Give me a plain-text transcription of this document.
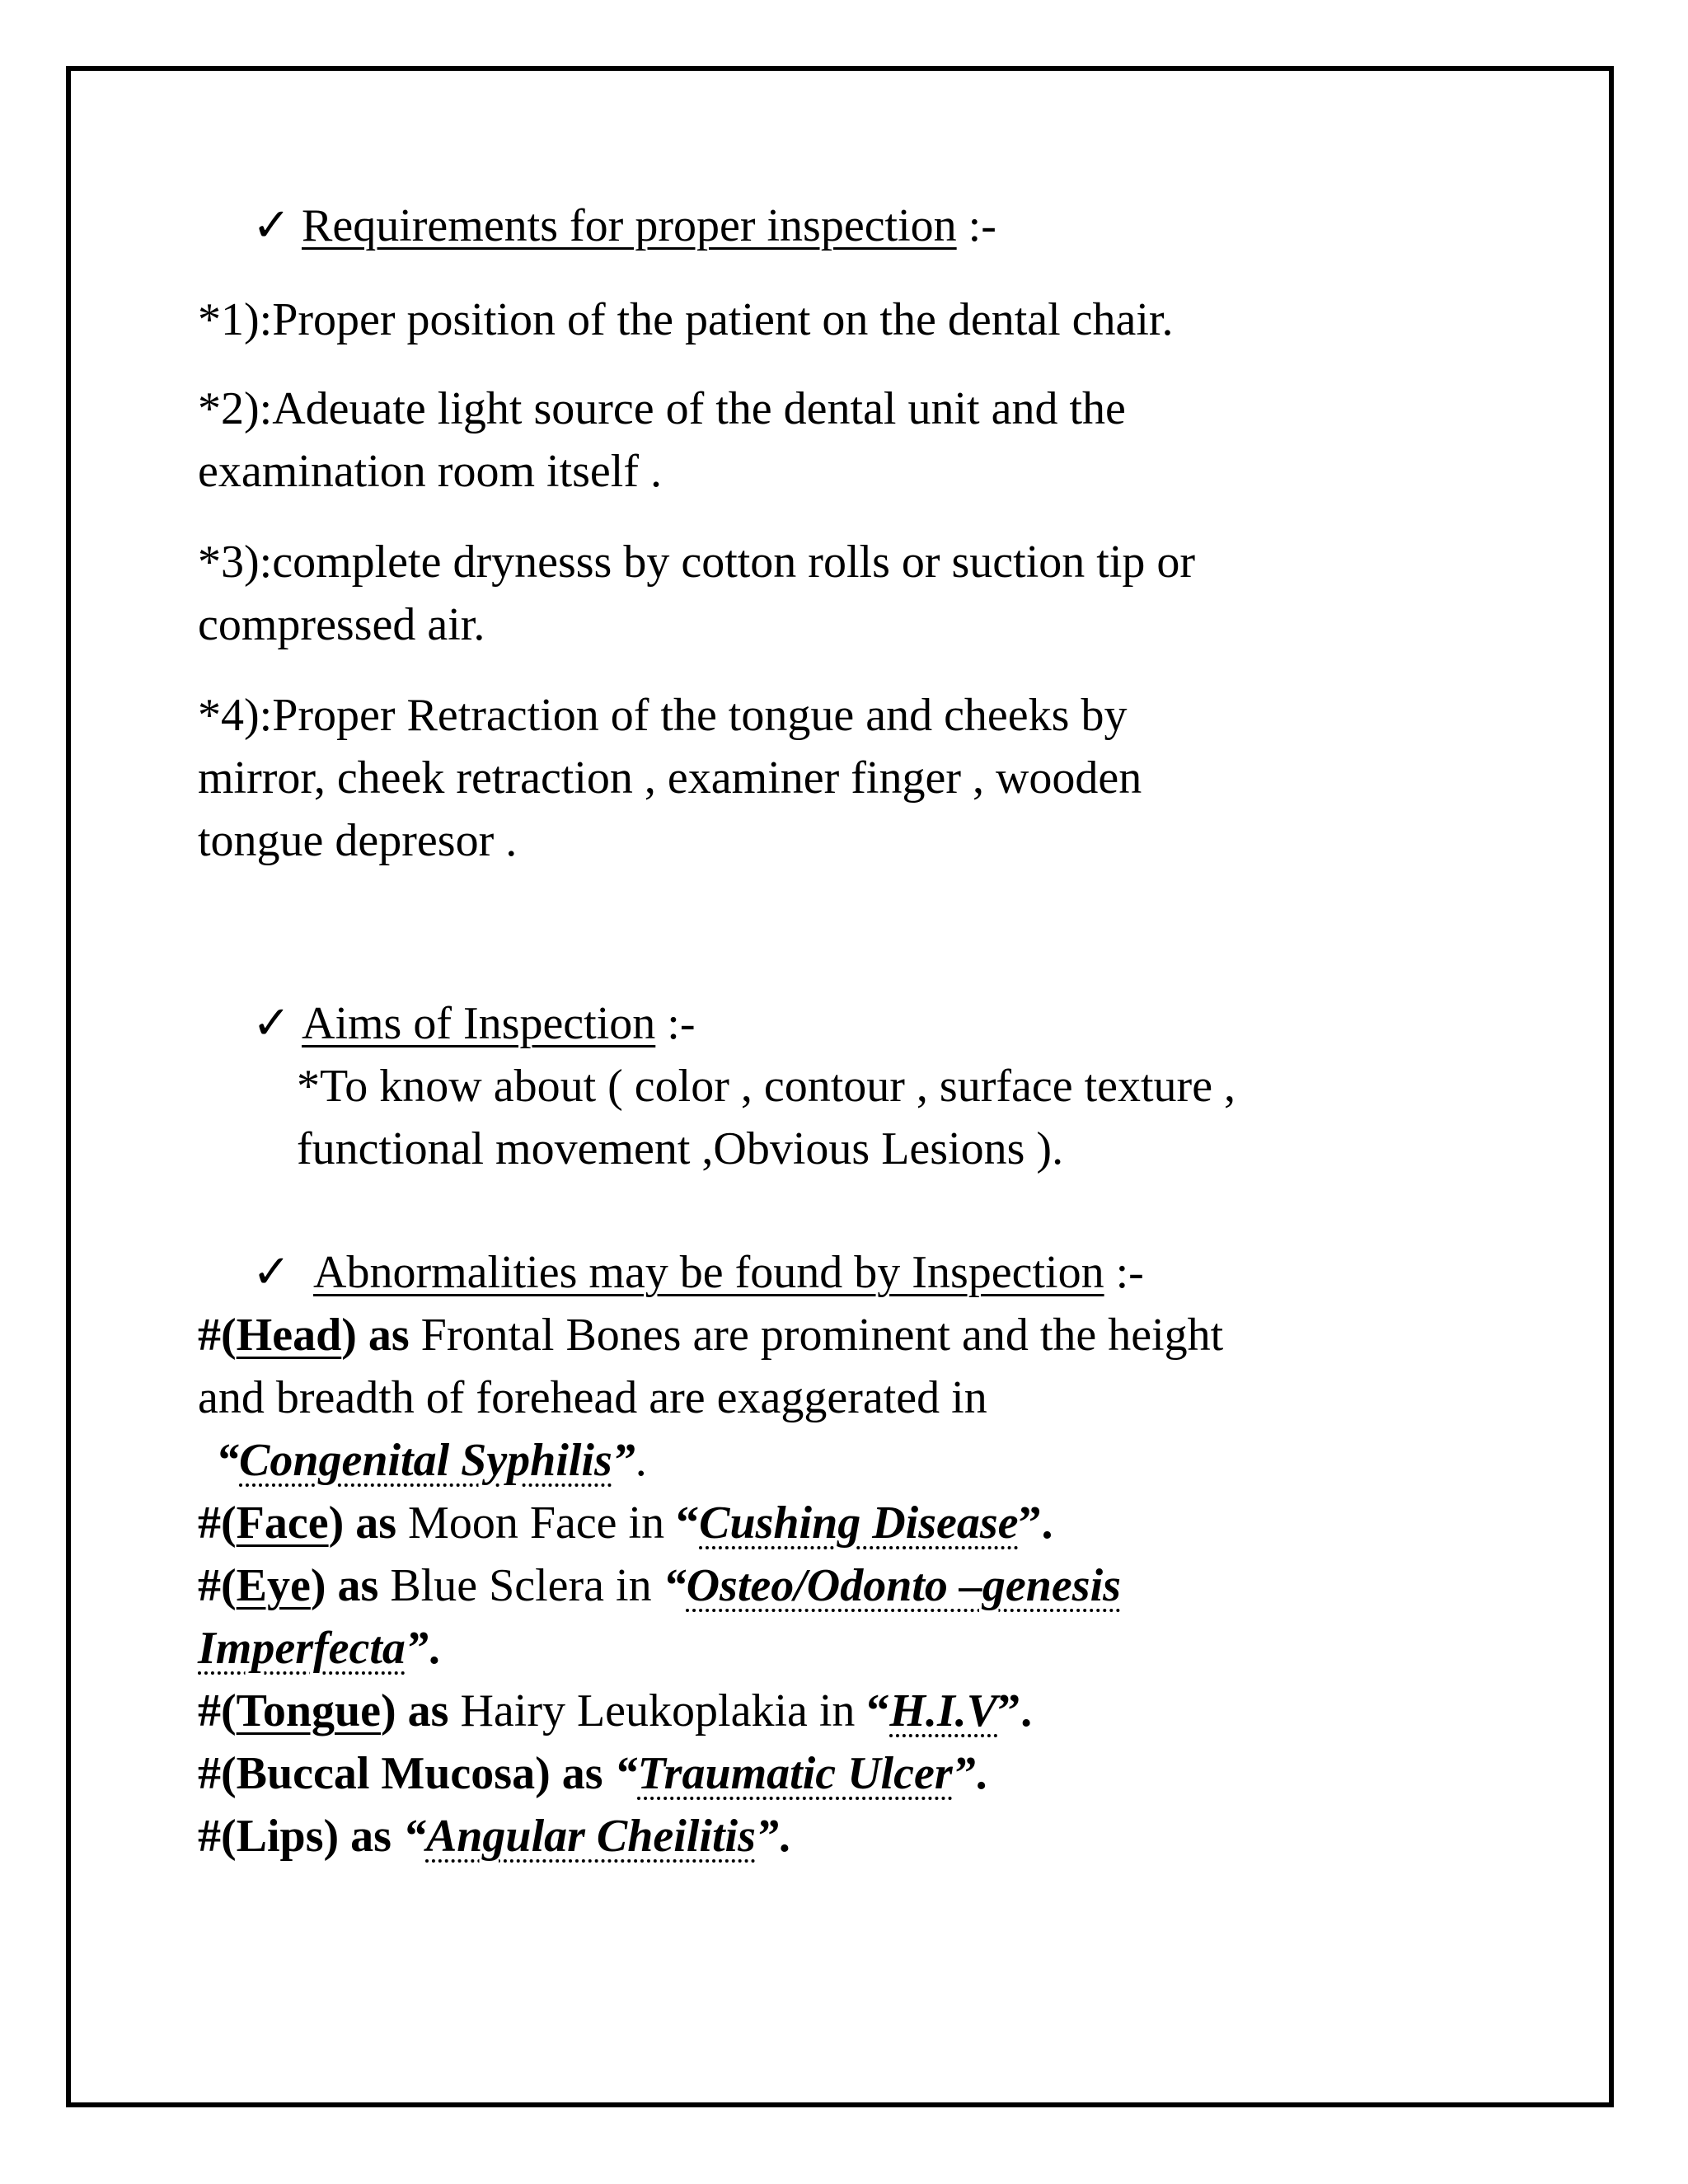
✓ Requirements for proper inspection :-
*1):Proper position of the patient on the dental chair.
*2):Adeuate light source of the dental unit and the
examination room itself .
*3):complete drynesss by cotton rolls or suction tip or
compressed air.
*4):Proper Retraction of the tongue and cheeks by
mirror, cheek retraction , examiner finger , wooden
tongue depresor .
✓ Aims of Inspection :-
*To know about ( color , contour , surface texture ,
functional movement ,Obvious Lesions ).
✓ Abnormalities may be found by Inspection :-
#(Head) as Frontal Bones are prominent and the height
and breadth of forehead are exaggerated in
“Congenital Syphilis”.
#(Face) as Moon Face in “Cushing Disease”.
#(Eye) as Blue Sclera in “Osteo/Odonto –genesis
Imperfecta”.
#(Tongue) as Hairy Leukoplakia in “H.I.V”.
#(Buccal Mucosa) as “Traumatic Ulcer”.
#(Lips) as “Angular Cheilitis”.
